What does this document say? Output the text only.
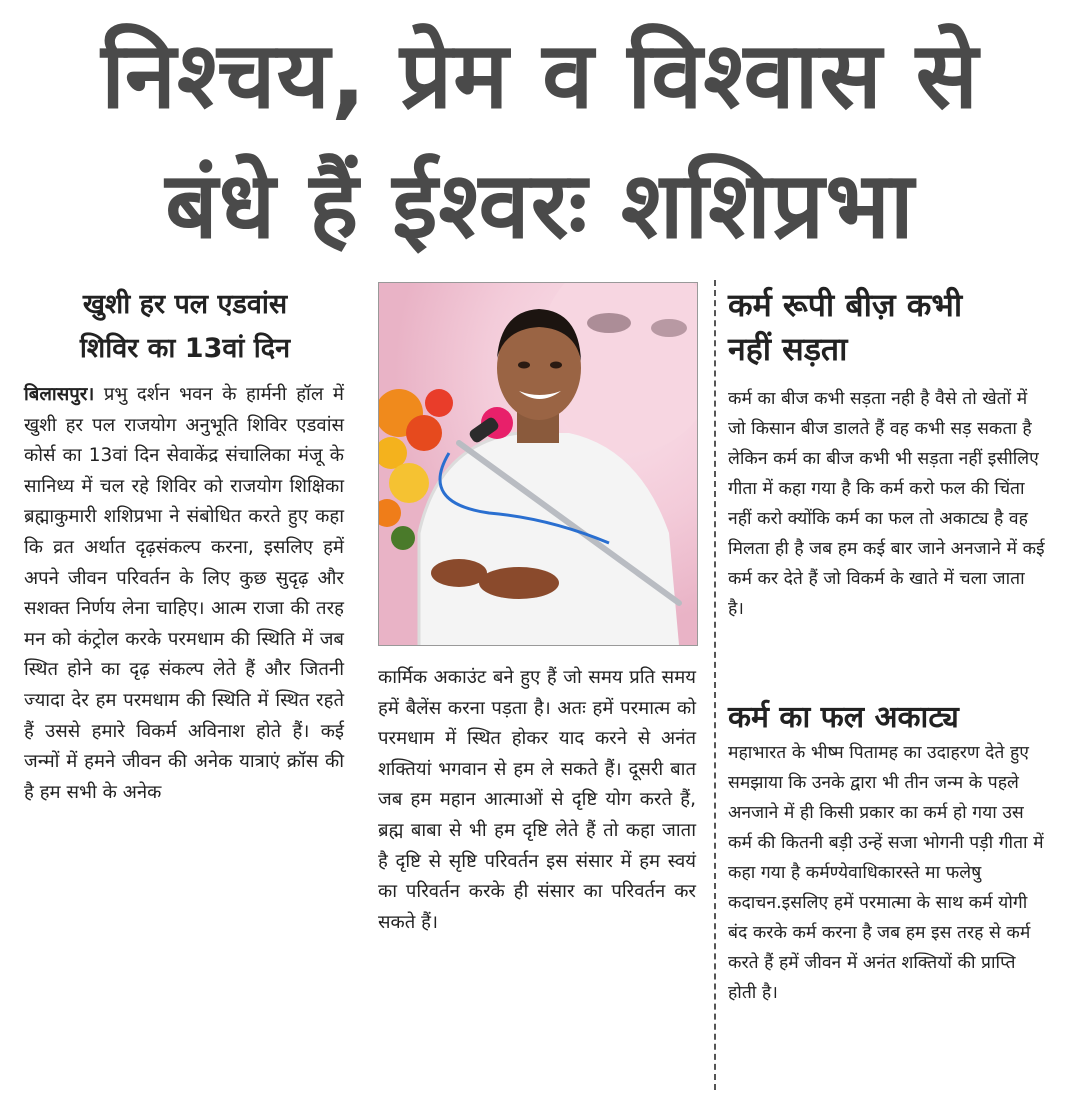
निश्चय, प्रेम व विश्वास से
बंधे हैं ईश्वरः शशिप्रभा
खुशी हर पल एडवांस
शिविर का 13वां दिन

बिलासपुर। प्रभु दर्शन भवन के हार्मनी हॉल में खुशी हर पल राजयोग अनुभूति शिविर एडवांस कोर्स का 13वां दिन सेवाकेंद्र संचालिका मंजू के सानिध्य में चल रहे शिविर को राजयोग शिक्षिका ब्रह्माकुमारी शशिप्रभा ने संबोधित करते हुए कहा कि व्रत अर्थात दृढ़संकल्प करना, इसलिए हमें अपने जीवन परिवर्तन के लिए कुछ सुदृढ़ और सशक्त निर्णय लेना चाहिए। आत्म राजा की तरह मन को कंट्रोल करके परमधाम की स्थिति में जब स्थित होने का दृढ़ संकल्प लेते हैं और जितनी ज्यादा देर हम परमधाम की स्थिति में स्थित रहते हैं उससे हमारे विकर्म अविनाश होते हैं। कई जन्मों में हमने जीवन की अनेक यात्राएं क्रॉस की है हम सभी के अनेक

कार्मिक अकाउंट बने हुए हैं जो समय प्रति समय हमें बैलेंस करना पड़ता है। अतः हमें परमात्म को परमधाम में स्थित होकर याद करने से अनंत शक्तियां भगवान से हम ले सकते हैं। दूसरी बात जब हम महान आत्माओं से दृष्टि योग करते हैं, ब्रह्म बाबा से भी हम दृष्टि लेते हैं तो कहा जाता है दृष्टि से सृष्टि परिवर्तन इस संसार में हम स्वयं का परिवर्तन करके ही संसार का परिवर्तन कर सकते हैं।

कर्म रूपी बीज़ कभी
नहीं सड़ता

कर्म का बीज कभी सड़ता नही है वैसे तो खेतों में जो किसान बीज डालते हैं वह कभी सड़ सकता है लेकिन कर्म का बीज कभी भी सड़ता नहीं इसीलिए गीता में कहा गया है कि कर्म करो फल की चिंता नहीं करो क्योंकि कर्म का फल तो अकाट्य है वह मिलता ही है जब हम कई बार जाने अनजाने में कई कर्म कर देते हैं जो विकर्म के खाते में चला जाता है।

कर्म का फल अकाट्य

महाभारत के भीष्म पितामह का उदाहरण देते हुए समझाया कि उनके द्वारा भी तीन जन्म के पहले अनजाने में ही किसी प्रकार का कर्म हो गया उस कर्म की कितनी बड़ी उन्हें सजा भोगनी पड़ी गीता में कहा गया है कर्मण्येवाधिकारस्ते मा फलेषु कदाचन.इसलिए हमें परमात्मा के साथ कर्म योगी बंद करके कर्म करना है जब हम इस तरह से कर्म करते हैं हमें जीवन में अनंत शक्तियों की प्राप्ति होती है।
